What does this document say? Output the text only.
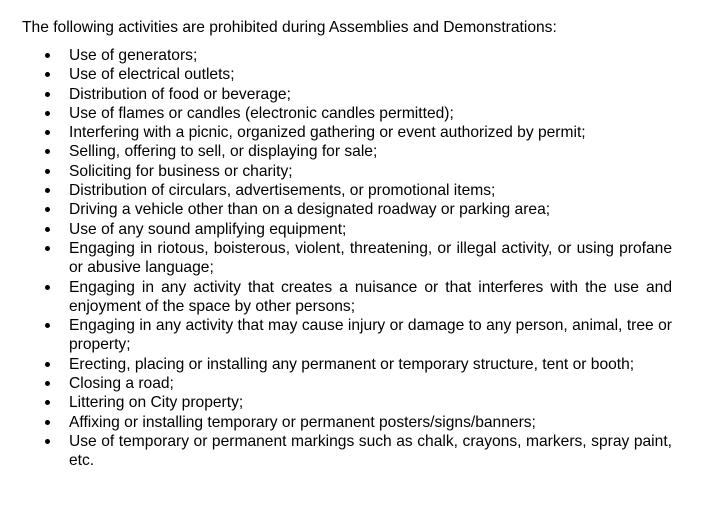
The following activities are prohibited during Assemblies and Demonstrations:
Use of generators;
Use of electrical outlets;
Distribution of food or beverage;
Use of flames or candles (electronic candles permitted);
Interfering with a picnic, organized gathering or event authorized by permit;
Selling, offering to sell, or displaying for sale;
Soliciting for business or charity;
Distribution of circulars, advertisements, or promotional items;
Driving a vehicle other than on a designated roadway or parking area;
Use of any sound amplifying equipment;
Engaging in riotous, boisterous, violent, threatening, or illegal activity, or using profane or abusive language;
Engaging in any activity that creates a nuisance or that interferes with the use and enjoyment of the space by other persons;
Engaging in any activity that may cause injury or damage to any person, animal, tree or property;
Erecting, placing or installing any permanent or temporary structure, tent or booth;
Closing a road;
Littering on City property;
Affixing or installing temporary or permanent posters/signs/banners;
Use of temporary or permanent markings such as chalk, crayons, markers, spray paint, etc.
